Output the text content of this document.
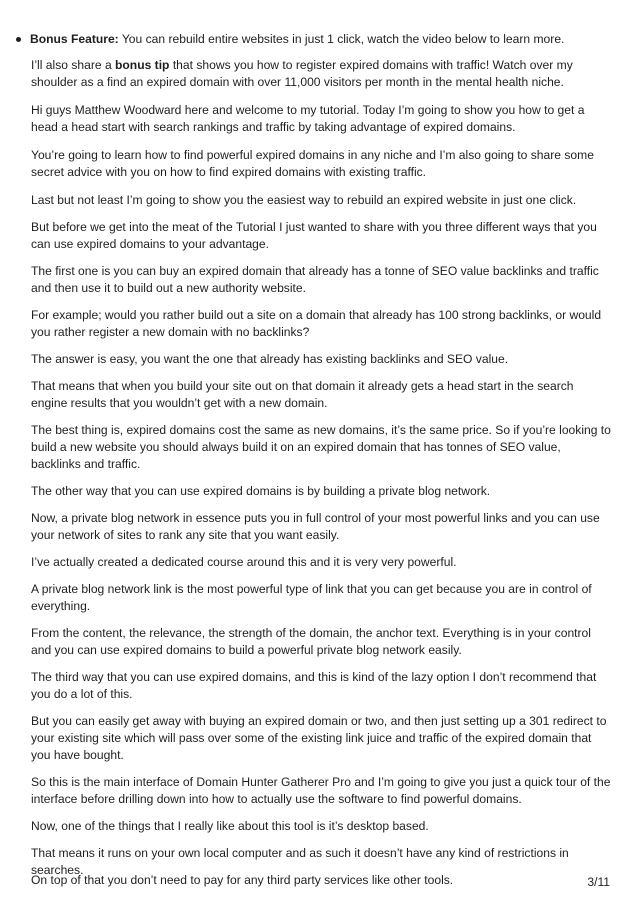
Bonus Feature: You can rebuild entire websites in just 1 click, watch the video below to learn more.

I’ll also share a bonus tip that shows you how to register expired domains with traffic! Watch over my shoulder as a find an expired domain with over 11,000 visitors per month in the mental health niche.

Hi guys Matthew Woodward here and welcome to my tutorial. Today I’m going to show you how to get a head a head start with search rankings and traffic by taking advantage of expired domains.

You’re going to learn how to find powerful expired domains in any niche and I’m also going to share some secret advice with you on how to find expired domains with existing traffic.

Last but not least I’m going to show you the easiest way to rebuild an expired website in just one click.

But before we get into the meat of the Tutorial I just wanted to share with you three different ways that you can use expired domains to your advantage.

The first one is you can buy an expired domain that already has a tonne of SEO value backlinks and traffic and then use it to build out a new authority website.

For example; would you rather build out a site on a domain that already has 100 strong backlinks, or would you rather register a new domain with no backlinks?

The answer is easy, you want the one that already has existing backlinks and SEO value.

That means that when you build your site out on that domain it already gets a head start in the search engine results that you wouldn’t get with a new domain.

The best thing is, expired domains cost the same as new domains, it’s the same price. So if you’re looking to build a new website you should always build it on an expired domain that has tonnes of SEO value, backlinks and traffic.

The other way that you can use expired domains is by building a private blog network.

Now, a private blog network in essence puts you in full control of your most powerful links and you can use your network of sites to rank any site that you want easily.

I’ve actually created a dedicated course around this and it is very very powerful.

A private blog network link is the most powerful type of link that you can get because you are in control of everything.

From the content, the relevance, the strength of the domain, the anchor text. Everything is in your control and you can use expired domains to build a powerful private blog network easily.

The third way that you can use expired domains, and this is kind of the lazy option I don’t recommend that you do a lot of this.

But you can easily get away with buying an expired domain or two, and then just setting up a 301 redirect to your existing site which will pass over some of the existing link juice and traffic of the expired domain that you have bought.

So this is the main interface of Domain Hunter Gatherer Pro and I’m going to give you just a quick tour of the interface before drilling down into how to actually use the software to find powerful domains.

Now, one of the things that I really like about this tool is it’s desktop based.

That means it runs on your own local computer and as such it doesn’t have any kind of restrictions in searches.

On top of that you don’t need to pay for any third party services like other tools.	3/11
